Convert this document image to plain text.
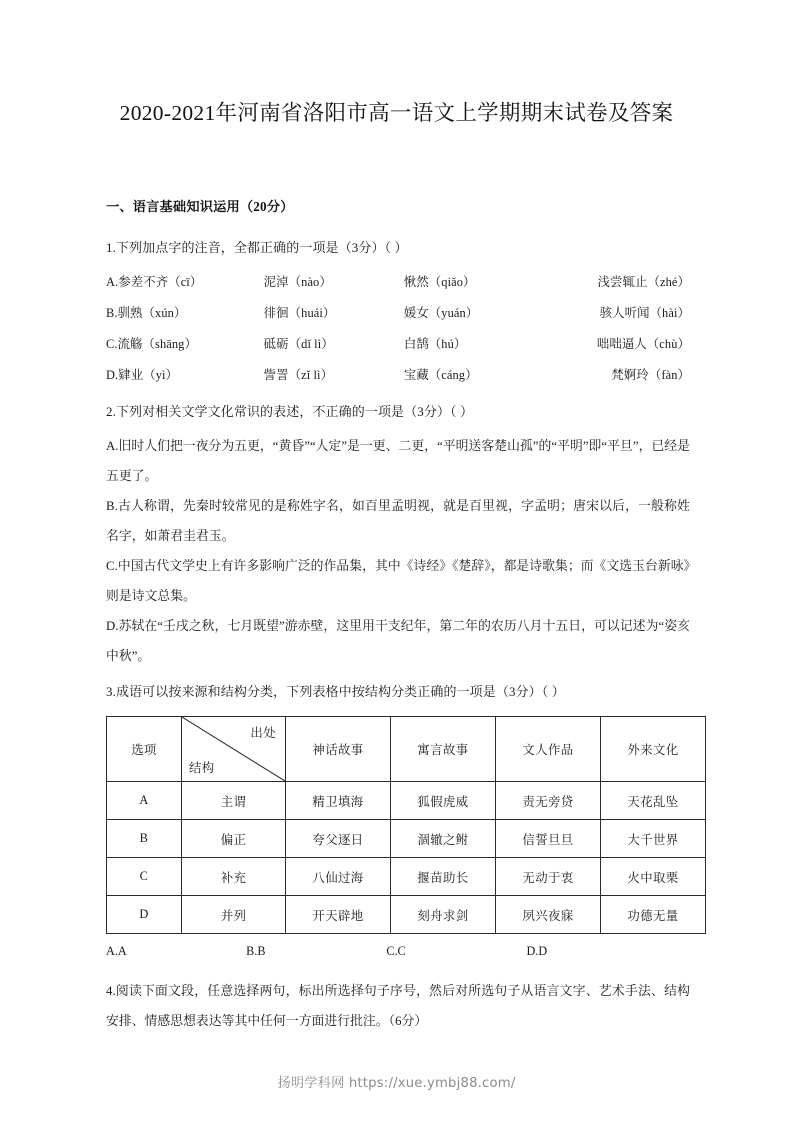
2020-2021年河南省洛阳市高一语文上学期期末试卷及答案
一、语言基础知识运用（20分）
1.下列加点字的注音，全都正确的一项是（3分）（ ）
A.参差不齐（cī）	泥淖（nào）	愀然（qiǎo）	浅尝辄止（zhé）
B.驯熟（xún）	徘徊（huái）	媛女（yuán）	骇人听闻（hài）
C.流觞（shāng）	砥砺（dǐ lì）	白鹄（hú）	咄咄逼人（chù）
D.肄业（yì）	訾詈（zǐ lì）	宝藏（cáng）	梵婀玲（fàn）
2.下列对相关文学文化常识的表述，不正确的一项是（3分）（ ）

A.旧时人们把一夜分为五更，“黄昏”“人定”是一更、二更，“平明送客楚山孤”的“平明”即“平旦”，已经是五更了。

B.古人称谓，先秦时较常见的是称姓字名，如百里孟明视，就是百里视，字孟明；唐宋以后，一般称姓名字，如萧君圭君玉。

C.中国古代文学史上有许多影响广泛的作品集，其中《诗经》《楚辞》，都是诗歌集；而《文选玉台新咏》则是诗文总集。

D.苏轼在“壬戌之秋，七月既望”游赤壁，这里用干支纪年，第二年的农历八月十五日，可以记述为“姿亥中秋”。

3.成语可以按来源和结构分类，下列表格中按结构分类正确的一项是（3分）（ ）
选项	出处
结构	神话故事	寓言故事	文人作品	外来文化
A	主谓	精卫填海	狐假虎威	责无旁贷	天花乱坠
B	偏正	夸父逐日	涸辙之鲋	信誓旦旦	大千世界
C	补充	八仙过海	揠苗助长	无动于衷	火中取栗
D	并列	开天辟地	刻舟求剑	夙兴夜寐	功德无量
A.A	B.B	C.C	D.D

4.阅读下面文段，任意选择两句，标出所选择句子序号，然后对所选句子从语言文字、艺术手法、结构安排、情感思想表达等其中任何一方面进行批注。（6分）

扬明学科网 https://xue.ymbj88.com/
